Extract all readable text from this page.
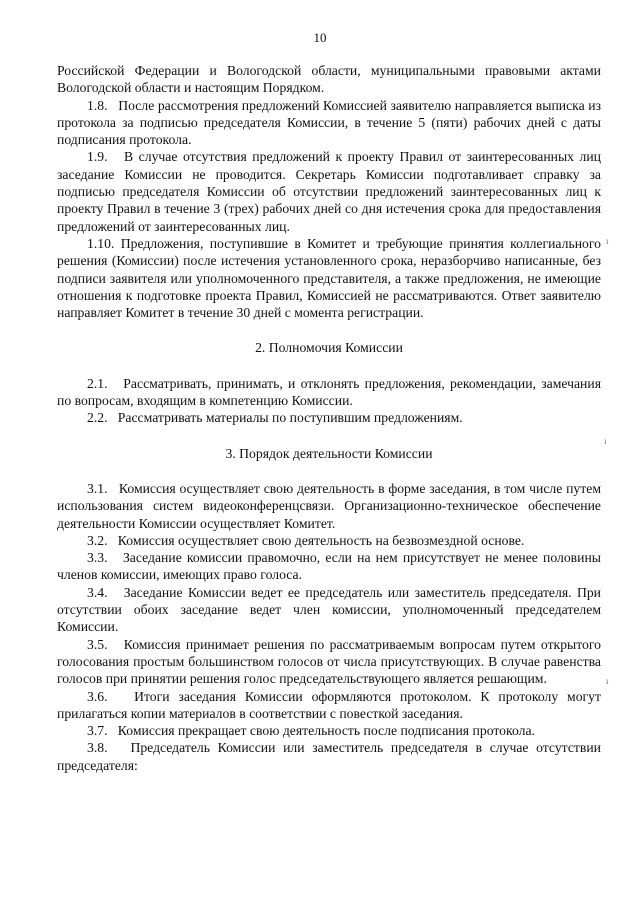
10

Российской Федерации и Вологодской области, муниципальными правовыми актами Вологодской области и настоящим Порядком.

1.8.   После рассмотрения предложений Комиссией заявителю направляется выписка из протокола за подписью председателя Комиссии, в течение 5 (пяти) рабочих дней с даты подписания протокола.

1.9.   В случае отсутствия предложений к проекту Правил от заинтересованных лиц заседание Комиссии не проводится. Секретарь Комиссии подготавливает справку за подписью председателя Комиссии об отсутствии предложений заинтересованных лиц к проекту Правил в течение 3 (трех) рабочих дней со дня истечения срока для предоставления предложений от заинтересованных лиц.

1.10. Предложения, поступившие в Комитет и требующие принятия коллегиального решения (Комиссии) после истечения установленного срока, неразборчиво написанные, без подписи заявителя или уполномоченного представителя, а также предложения, не имеющие отношения к подготовке проекта Правил, Комиссией не рассматриваются. Ответ заявителю направляет Комитет в течение 30 дней с момента регистрации.

2. Полномочия Комиссии

2.1.   Рассматривать, принимать, и отклонять предложения, рекомендации, замечания по вопросам, входящим в компетенцию Комиссии.

2.2.   Рассматривать материалы по поступившим предложениям.

3. Порядок деятельности Комиссии

3.1.   Комиссия осуществляет свою деятельность в форме заседания, в том числе путем использования систем видеоконференцсвязи. Организационно-техническое обеспечение деятельности Комиссии осуществляет Комитет.

3.2.   Комиссия осуществляет свою деятельность на безвозмездной основе.

3.3.   Заседание комиссии правомочно, если на нем присутствует не менее половины членов комиссии, имеющих право голоса.

3.4.   Заседание Комиссии ведет ее председатель или заместитель председателя. При отсутствии обоих заседание ведет член комиссии, уполномоченный председателем Комиссии.

3.5.   Комиссия принимает решения по рассматриваемым вопросам путем открытого голосования простым большинством голосов от числа присутствующих. В случае равенства голосов при принятии решения голос председательствующего является решающим.

3.6.   Итоги заседания Комиссии оформляются протоколом. К протоколу могут прилагаться копии материалов в соответствии с повесткой заседания.

3.7.   Комиссия прекращает свою деятельность после подписания протокола.

3.8.   Председатель Комиссии или заместитель председателя в случае отсутствии председателя:

ı
ı
ı
